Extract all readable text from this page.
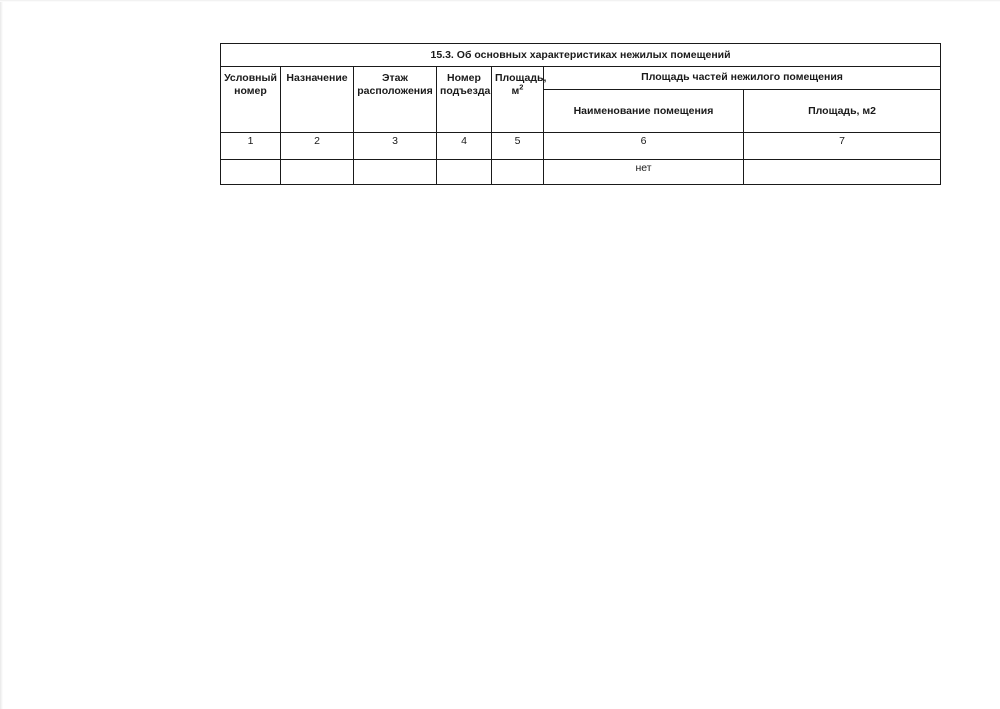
15.3. Об основных характеристиках нежилых помещений						
Условный номер	Назначение	Этаж расположения	Номер подъезда	Площадь, $м^2$	Площадь частей нежилого помещения	
					Наименование помещения	Площадь, м2
1	2	3	4	5	6	7
					нет	
